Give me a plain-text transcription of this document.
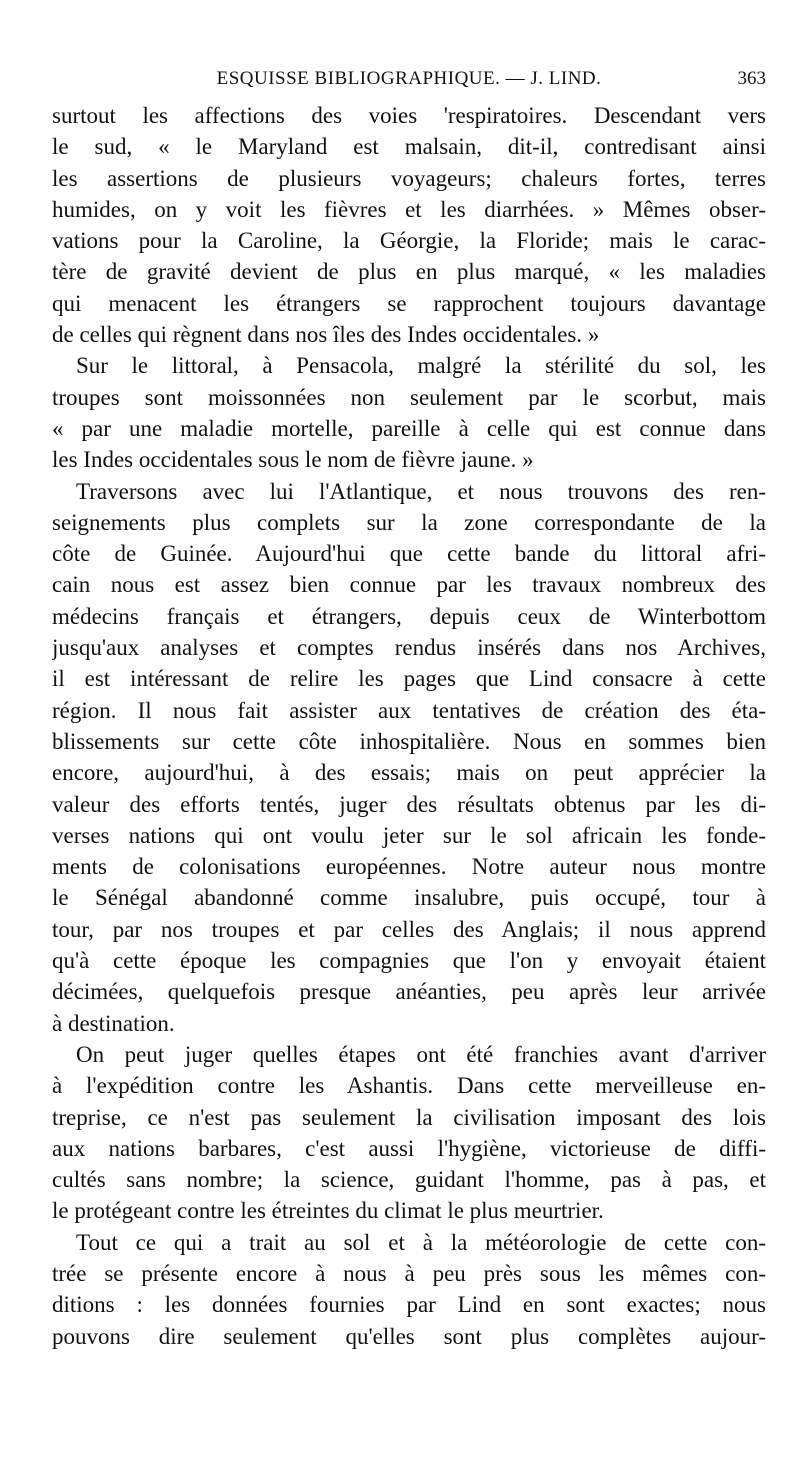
ESQUISSE BIBLIOGRAPHIQUE. — J. LIND.	363
surtout les affections des voies 'respiratoires. Descendant vers
le sud, « le Maryland est malsain, dit-il, contredisant ainsi
les assertions de plusieurs voyageurs; chaleurs fortes, terres
humides, on y voit les fièvres et les diarrhées. » Mêmes obser-
vations pour la Caroline, la Géorgie, la Floride; mais le carac-
tère de gravité devient de plus en plus marqué, « les maladies
qui menacent les étrangers se rapprochent toujours davantage
de celles qui règnent dans nos îles des Indes occidentales. »
Sur le littoral, à Pensacola, malgré la stérilité du sol, les
troupes sont moissonnées non seulement par le scorbut, mais
« par une maladie mortelle, pareille à celle qui est connue dans
les Indes occidentales sous le nom de fièvre jaune. »
Traversons avec lui l'Atlantique, et nous trouvons des ren-
seignements plus complets sur la zone correspondante de la
côte de Guinée. Aujourd'hui que cette bande du littoral afri-
cain nous est assez bien connue par les travaux nombreux des
médecins français et étrangers, depuis ceux de Winterbottom
jusqu'aux analyses et comptes rendus insérés dans nos Archives,
il est intéressant de relire les pages que Lind consacre à cette
région. Il nous fait assister aux tentatives de création des éta-
blissements sur cette côte inhospitalière. Nous en sommes bien
encore, aujourd'hui, à des essais; mais on peut apprécier la
valeur des efforts tentés, juger des résultats obtenus par les di-
verses nations qui ont voulu jeter sur le sol africain les fonde-
ments de colonisations européennes. Notre auteur nous montre
le Sénégal abandonné comme insalubre, puis occupé, tour à
tour, par nos troupes et par celles des Anglais; il nous apprend
qu'à cette époque les compagnies que l'on y envoyait étaient
décimées, quelquefois presque anéanties, peu après leur arrivée
à destination.
On peut juger quelles étapes ont été franchies avant d'arriver
à l'expédition contre les Ashantis. Dans cette merveilleuse en-
treprise, ce n'est pas seulement la civilisation imposant des lois
aux nations barbares, c'est aussi l'hygiène, victorieuse de diffi-
cultés sans nombre; la science, guidant l'homme, pas à pas, et
le protégeant contre les étreintes du climat le plus meurtrier.
Tout ce qui a trait au sol et à la météorologie de cette con-
trée se présente encore à nous à peu près sous les mêmes con-
ditions : les données fournies par Lind en sont exactes; nous
pouvons dire seulement qu'elles sont plus complètes aujour-
